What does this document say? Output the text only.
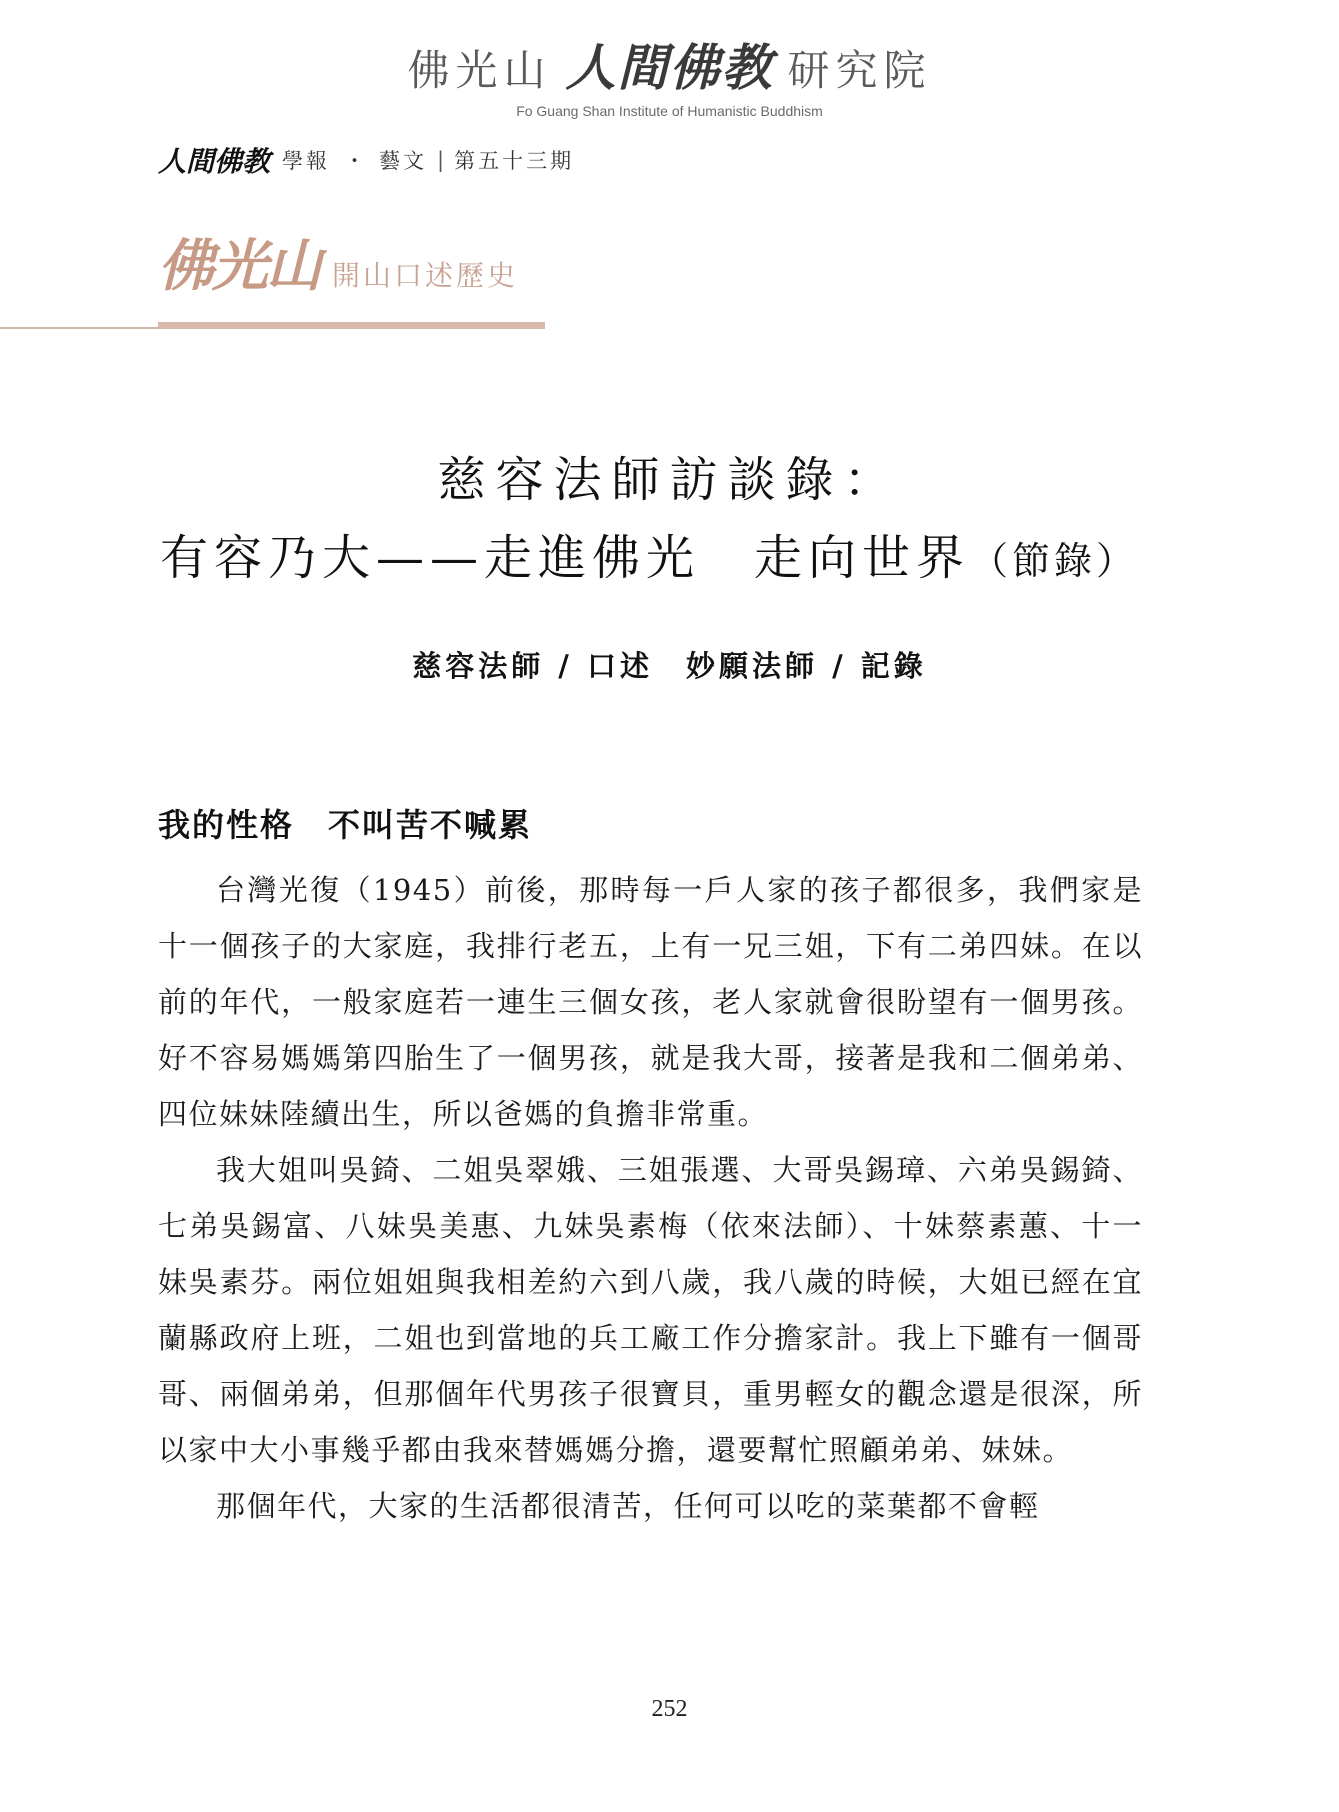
佛光山 人間佛教 研究院
Fo Guang Shan Institute of Humanistic Buddhism
人間佛教 學報 ・ 藝文 | 第五十三期
佛光山 開山口述歷史
慈容法師訪談錄：
有容乃大——走進佛光　走向世界（節錄）
慈容法師 / 口述　妙願法師 / 記錄
我的性格　不叫苦不喊累

台灣光復（1945）前後，那時每一戶人家的孩子都很多，我們家是十一個孩子的大家庭，我排行老五，上有一兄三姐，下有二弟四妹。在以前的年代，一般家庭若一連生三個女孩，老人家就會很盼望有一個男孩。好不容易媽媽第四胎生了一個男孩，就是我大哥，接著是我和二個弟弟、四位妹妹陸續出生，所以爸媽的負擔非常重。

我大姐叫吳錡、二姐吳翠娥、三姐張選、大哥吳錫璋、六弟吳錫錡、七弟吳錫富、八妹吳美惠、九妹吳素梅（依來法師）、十妹蔡素蕙、十一妹吳素芬。兩位姐姐與我相差約六到八歲，我八歲的時候，大姐已經在宜蘭縣政府上班，二姐也到當地的兵工廠工作分擔家計。我上下雖有一個哥哥、兩個弟弟，但那個年代男孩子很寶貝，重男輕女的觀念還是很深，所以家中大小事幾乎都由我來替媽媽分擔，還要幫忙照顧弟弟、妹妹。

那個年代，大家的生活都很清苦，任何可以吃的菜葉都不會輕

252
